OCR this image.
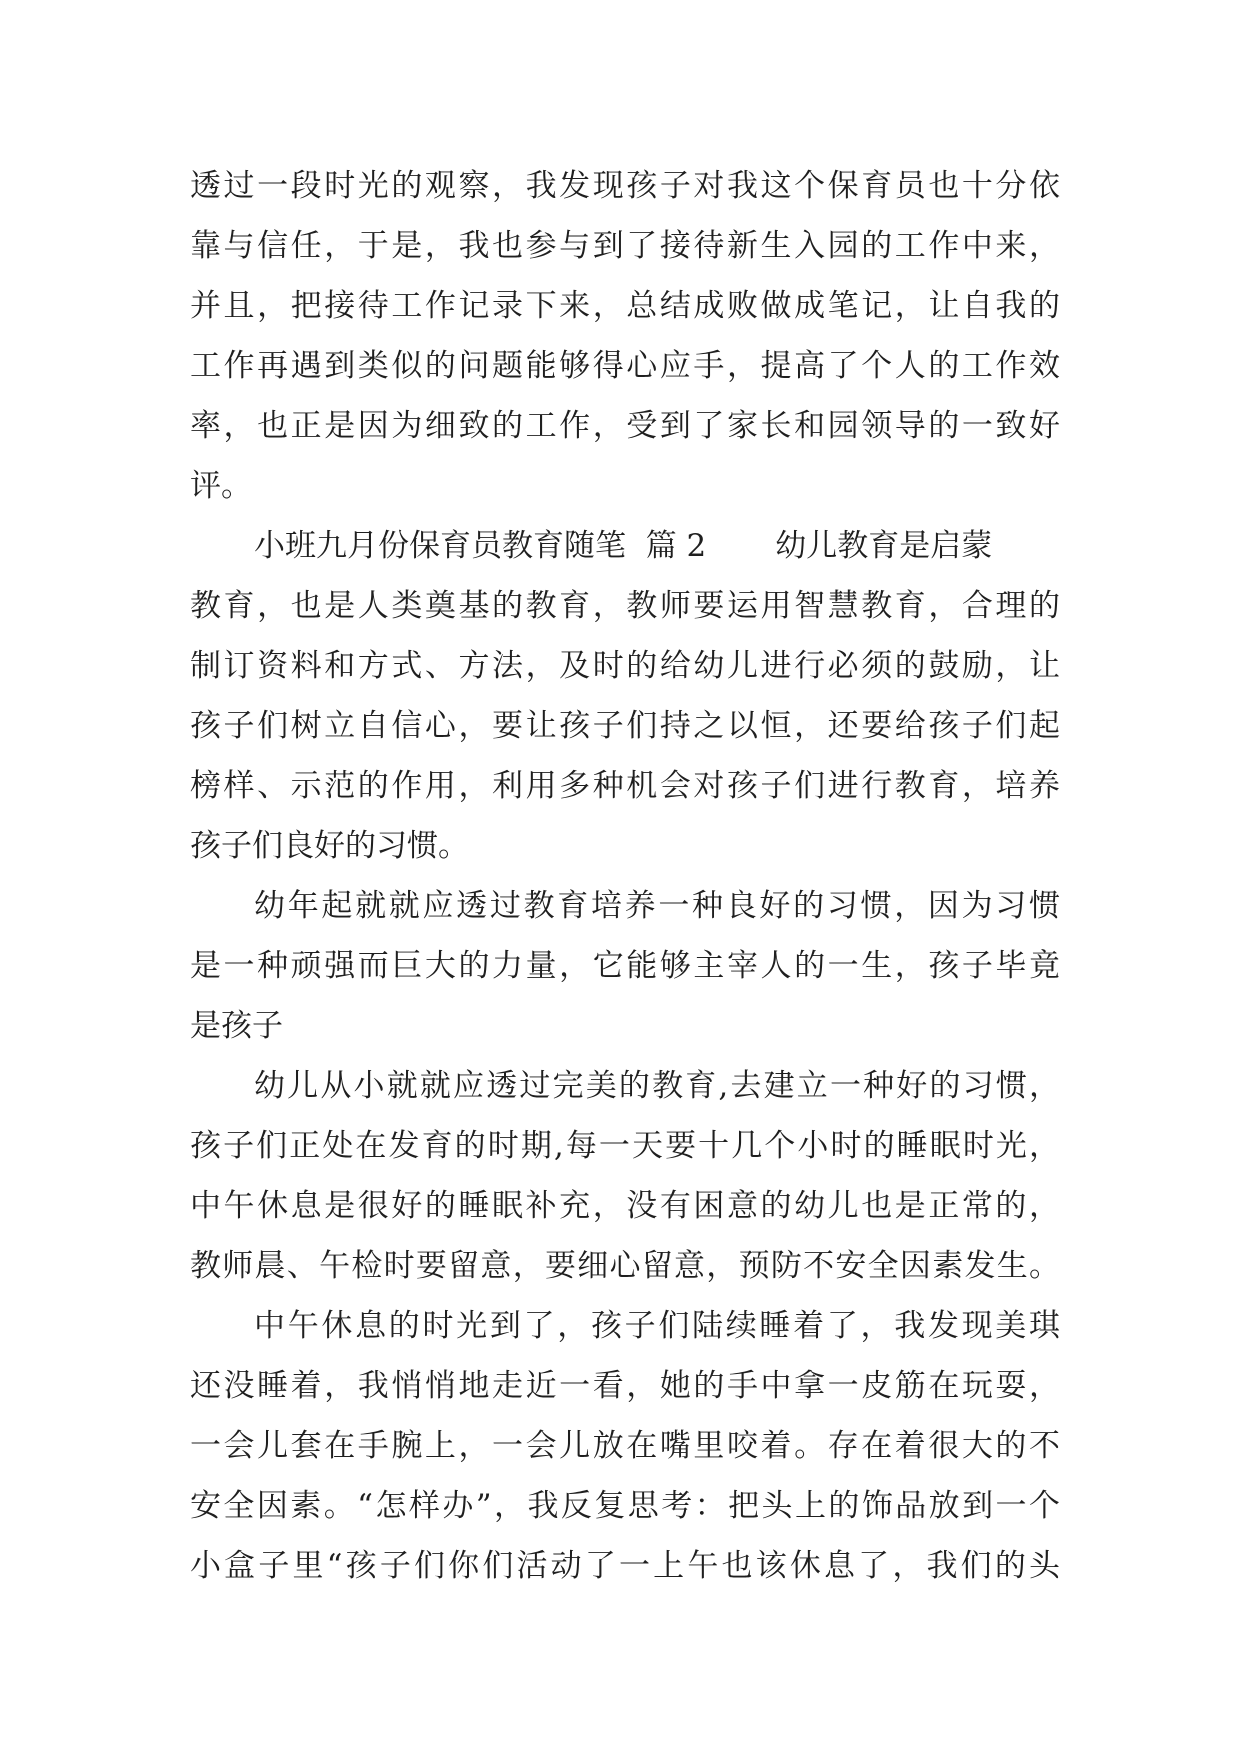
透过一段时光的观察，我发现孩子对我这个保育员也十分依
靠与信任，于是，我也参与到了接待新生入园的工作中来，
并且，把接待工作记录下来，总结成败做成笔记，让自我的
工作再遇到类似的问题能够得心应手，提高了个人的工作效
率，也正是因为细致的工作，受到了家长和园领导的一致好
评。
小班九月份保育员教育随笔  篇 2       幼儿教育是启蒙
教育，也是人类奠基的教育，教师要运用智慧教育，合理的
制订资料和方式、方法，及时的给幼儿进行必须的鼓励，让
孩子们树立自信心，要让孩子们持之以恒，还要给孩子们起
榜样、示范的作用，利用多种机会对孩子们进行教育，培养
孩子们良好的习惯。
幼年起就就应透过教育培养一种良好的习惯，因为习惯
是一种顽强而巨大的力量，它能够主宰人的一生，孩子毕竟
是孩子
幼儿从小就就应透过完美的教育,去建立一种好的习惯，
孩子们正处在发育的时期,每一天要十几个小时的睡眠时光，
中午休息是很好的睡眠补充，没有困意的幼儿也是正常的，
教师晨、午检时要留意，要细心留意，预防不安全因素发生。
中午休息的时光到了，孩子们陆续睡着了，我发现美琪
还没睡着，我悄悄地走近一看，她的手中拿一皮筋在玩耍，
一会儿套在手腕上，一会儿放在嘴里咬着。存在着很大的不
安全因素。“怎样办”，我反复思考：把头上的饰品放到一个
小盒子里“孩子们你们活动了一上午也该休息了，我们的头
